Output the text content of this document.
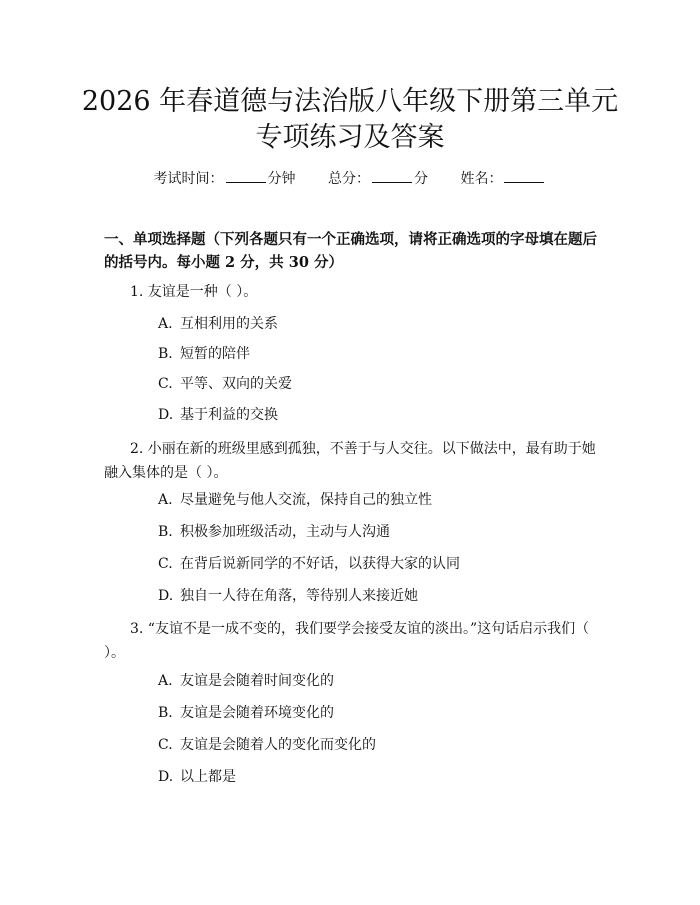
2026 年春道德与法治版八年级下册第三单元
专项练习及答案
考试时间：	分钟 总分：	分 姓名：
一、单项选择题（下列各题只有一个正确选项，请将正确选项的字母填在题后的括号内。每小题 2 分，共 30 分）
1. 友谊是一种（ ）。
A. 互相利用的关系
B. 短暂的陪伴
C. 平等、双向的关爱
D. 基于利益的交换
2. 小丽在新的班级里感到孤独，不善于与人交往。以下做法中，最有助于她融入集体的是（ ）。
A. 尽量避免与他人交流，保持自己的独立性
B. 积极参加班级活动，主动与人沟通
C. 在背后说新同学的不好话，以获得大家的认同
D. 独自一人待在角落，等待别人来接近她
3. “友谊不是一成不变的，我们要学会接受友谊的淡出。”这句话启示我们（ ）。
A. 友谊是会随着时间变化的
B. 友谊是会随着环境变化的
C. 友谊是会随着人的变化而变化的
D. 以上都是
